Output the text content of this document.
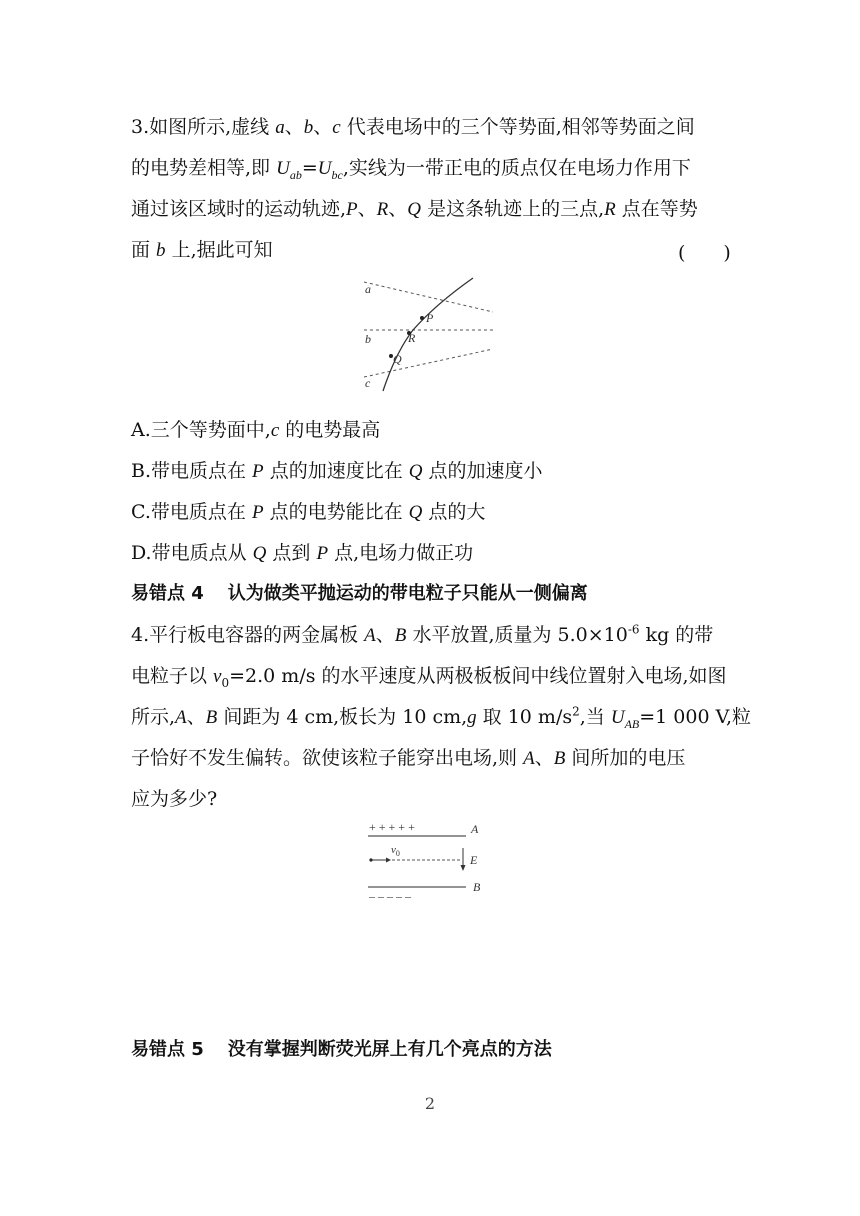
3.如图所示,虚线 a、b、c 代表电场中的三个等势面,相邻等势面之间
的电势差相等,即 $U_{ab}=U_{bc}$,实线为一带正电的质点仅在电场力作用下
通过该区域时的运动轨迹,P、R、Q 是这条轨迹上的三点,R 点在等势
面 b 上,据此可知	(　　)
a
b
c
P
R
Q
A.三个等势面中,c 的电势最高
B.带电质点在 P 点的加速度比在 Q 点的加速度小
C.带电质点在 P 点的电势能比在 Q 点的大
D.带电质点从 Q 点到 P 点,电场力做正功
易错点 4 认为做类平抛运动的带电粒子只能从一侧偏离
4.平行板电容器的两金属板 A、B 水平放置,质量为 $5.0\times 10^{-6}$ kg 的带
电粒子以 $v_0=2.0$ m/s 的水平速度从两极板板间中线位置射入电场,如图
所示,A、B 间距为 4 cm,板长为 10 cm,g 取 10 $m/s^2$,当 $U_{AB}=1$ 000 V,粒
子恰好不发生偏转。欲使该粒子能穿出电场,则 A、B 间所加的电压
应为多少?
+ + + + +	A
$v_0$	E
B
– – – – –
易错点 5 没有掌握判断荧光屏上有几个亮点的方法
2
